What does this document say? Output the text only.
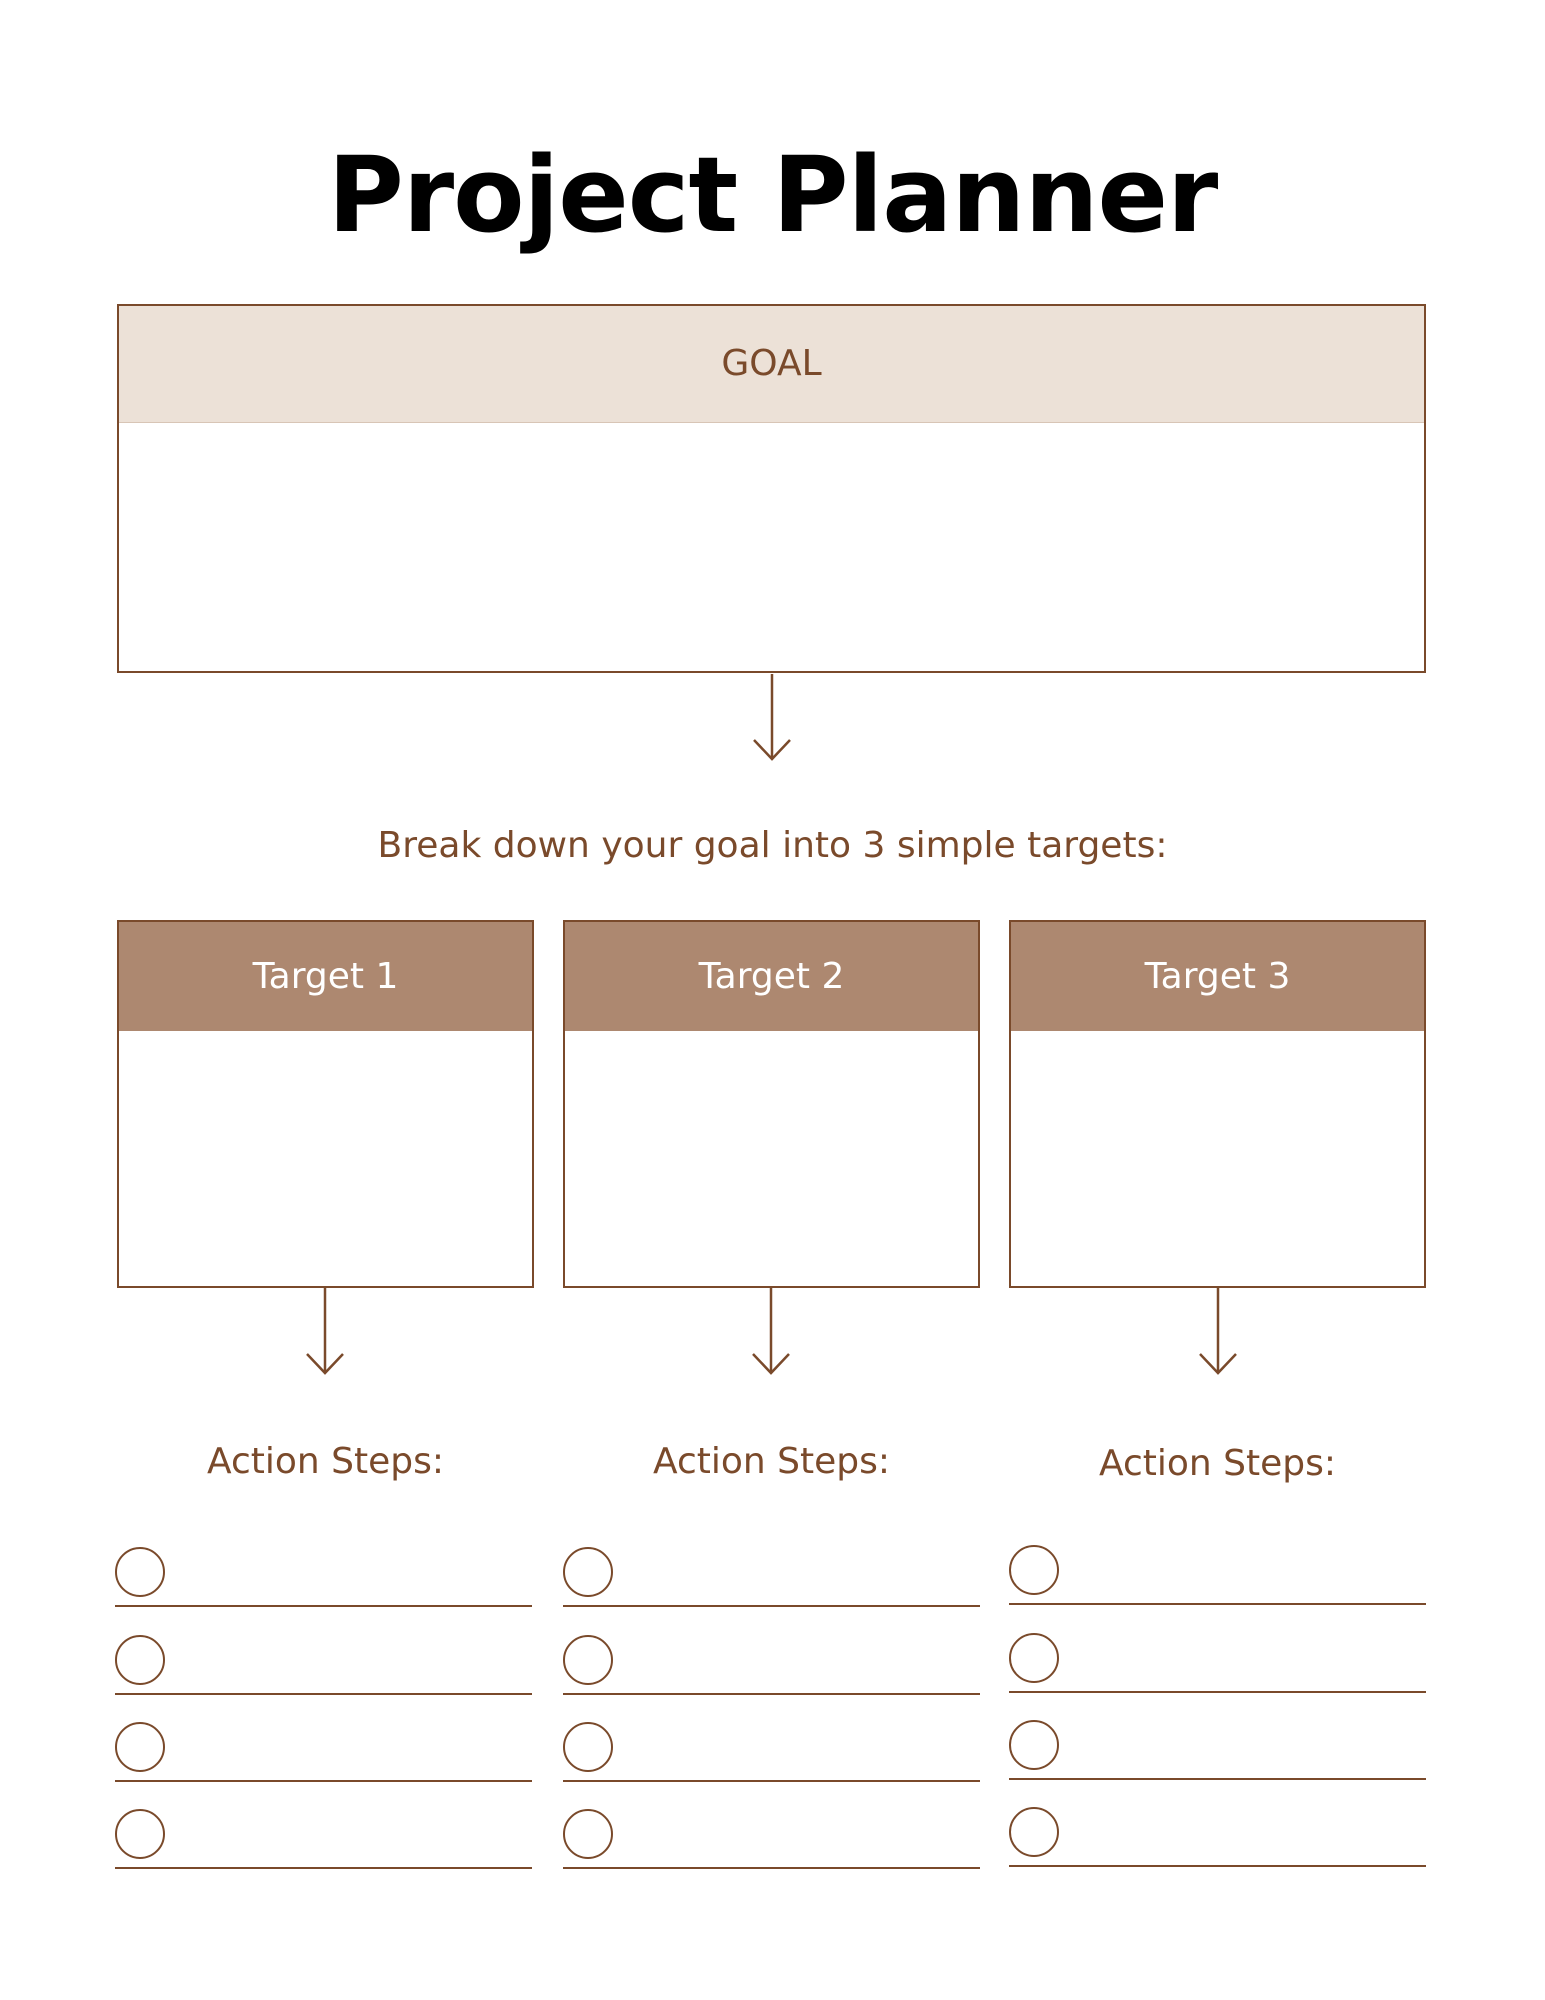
Project Planner
GOAL
Break down your goal into 3 simple targets:
Target 1	Target 2	Target 3
Action Steps:	Action Steps:	Action Steps:
